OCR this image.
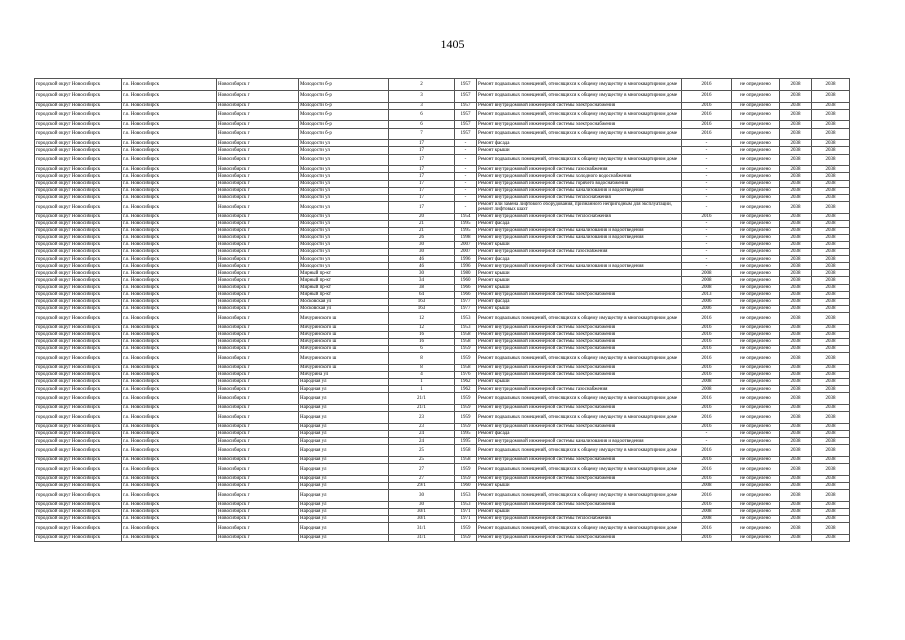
1405
городской округ Новосибирск	г.о. Новосибирск	Новосибирск г	Молодости б-р	2	1957	Ремонт подвальных помещений, относящихся к общему имуществу в многоквартирном доме	2016	не определено	2038	2038
городской округ Новосибирск	г.о. Новосибирск	Новосибирск г	Молодости б-р	3	1957	Ремонт подвальных помещений, относящихся к общему имуществу в многоквартирном доме	2016	не определено	2038	2038
городской округ Новосибирск	г.о. Новосибирск	Новосибирск г	Молодости б-р	3	1957	Ремонт внутридомовой инженерной системы электроснабжения	2016	не определено	2038	2038
городской округ Новосибирск	г.о. Новосибирск	Новосибирск г	Молодости б-р	6	1957	Ремонт подвальных помещений, относящихся к общему имуществу в многоквартирном доме	2016	не определено	2038	2038
городской округ Новосибирск	г.о. Новосибирск	Новосибирск г	Молодости б-р	6	1957	Ремонт внутридомовой инженерной системы электроснабжения	2016	не определено	2038	2038
городской округ Новосибирск	г.о. Новосибирск	Новосибирск г	Молодости б-р	7	1957	Ремонт подвальных помещений, относящихся к общему имуществу в многоквартирном доме	2016	не определено	2038	2038
городской округ Новосибирск	г.о. Новосибирск	Новосибирск г	Молодости ул	17	-	Ремонт фасада	-	не определено	2038	2038
городской округ Новосибирск	г.о. Новосибирск	Новосибирск г	Молодости ул	17	-	Ремонт крыши	-	не определено	2038	2038
городской округ Новосибирск	г.о. Новосибирск	Новосибирск г	Молодости ул	17	-	Ремонт подвальных помещений, относящихся к общему имуществу в многоквартирном доме	-	не определено	2038	2038
городской округ Новосибирск	г.о. Новосибирск	Новосибирск г	Молодости ул	17	-	Ремонт внутридомовой инженерной системы газоснабжения	-	не определено	2038	2038
городской округ Новосибирск	г.о. Новосибирск	Новосибирск г	Молодости ул	17	-	Ремонт внутридомовой инженерной системы холодного водоснабжения	-	не определено	2038	2038
городской округ Новосибирск	г.о. Новосибирск	Новосибирск г	Молодости ул	17	-	Ремонт внутридомовой инженерной системы горячего водоснабжения	-	не определено	2038	2038
городской округ Новосибирск	г.о. Новосибирск	Новосибирск г	Молодости ул	17	-	Ремонт внутридомовой инженерной системы канализования и водоотведения	-	не определено	2038	2038
городской округ Новосибирск	г.о. Новосибирск	Новосибирск г	Молодости ул	17	-	Ремонт внутридомовой инженерной системы теплоснабжения	-	не определено	2038	2038
городской округ Новосибирск	г.о. Новосибирск	Новосибирск г	Молодости ул	17	-	Ремонт или замена лифтового оборудования, признанного непригодным для эксплуатации, ремонт лифтовых шахт	-	не определено	2038	2038
городской округ Новосибирск	г.о. Новосибирск	Новосибирск г	Молодости ул	20	1954	Ремонт внутридомовой инженерной системы теплоснабжения	2016	не определено	2038	2038
городской округ Новосибирск	г.о. Новосибирск	Новосибирск г	Молодости ул	21	1995	Ремонт фасада	-	не определено	2038	2038
городской округ Новосибирск	г.о. Новосибирск	Новосибирск г	Молодости ул	21	1995	Ремонт внутридомовой инженерной системы канализования и водоотведения	-	не определено	2038	2038
городской округ Новосибирск	г.о. Новосибирск	Новосибирск г	Молодости ул	26	1998	Ремонт внутридомовой инженерной системы канализования и водоотведения	-	не определено	2038	2038
городской округ Новосибирск	г.о. Новосибирск	Новосибирск г	Молодости ул	30	2007	Ремонт крыши	-	не определено	2038	2038
городской округ Новосибирск	г.о. Новосибирск	Новосибирск г	Молодости ул	30	2007	Ремонт внутридомовой инженерной системы газоснабжения	-	не определено	2038	2038
городской округ Новосибирск	г.о. Новосибирск	Новосибирск г	Молодости ул	46	1996	Ремонт фасада	-	не определено	2038	2038
городской округ Новосибирск	г.о. Новосибирск	Новосибирск г	Молодости ул	46	1996	Ремонт внутридомовой инженерной системы канализования и водоотведения	-	не определено	2038	2038
городской округ Новосибирск	г.о. Новосибирск	Новосибирск г	Мирный пр-кт	30	1980	Ремонт крыши	2008	не определено	2038	2038
городской округ Новосибирск	г.о. Новосибирск	Новосибирск г	Мирный пр-кт	34	1960	Ремонт крыши	2008	не определено	2038	2038
городской округ Новосибирск	г.о. Новосибирск	Новосибирск г	Мирный пр-кт	38	1966	Ремонт крыши	2008	не определено	2038	2038
городской округ Новосибирск	г.о. Новосибирск	Новосибирск г	Мирный пр-кт	64	1966	Ремонт внутридомовой инженерной системы электроснабжения	2013	не определено	2038	2038
городской округ Новосибирск	г.о. Новосибирск	Новосибирск г	Московская ул	163	1977	Ремонт фасада	2006	не определено	2038	2038
городской округ Новосибирск	г.о. Новосибирск	Новосибирск г	Московская ул	163	1977	Ремонт крыши	2006	не определено	2038	2038
городской округ Новосибирск	г.о. Новосибирск	Новосибирск г	Мичуринского ш	12	1953	Ремонт подвальных помещений, относящихся к общему имуществу в многоквартирном доме	2016	не определено	2038	2038
городской округ Новосибирск	г.о. Новосибирск	Новосибирск г	Мичуринского ш	12	1953	Ремонт внутридомовой инженерной системы электроснабжения	2016	не определено	2038	2038
городской округ Новосибирск	г.о. Новосибирск	Новосибирск г	Мичуринского ш	16	1958	Ремонт внутридомовой инженерной системы электроснабжения	2016	не определено	2038	2038
городской округ Новосибирск	г.о. Новосибирск	Новосибирск г	Мичуринского ш	16	1958	Ремонт внутридомовой инженерной системы электроснабжения	2016	не определено	2038	2038
городской округ Новосибирск	г.о. Новосибирск	Новосибирск г	Мичуринского ш	6	1959	Ремонт внутридомовой инженерной системы электроснабжения	2016	не определено	2038	2038
городской округ Новосибирск	г.о. Новосибирск	Новосибирск г	Мичуринского ш	8	1959	Ремонт подвальных помещений, относящихся к общему имуществу в многоквартирном доме	2016	не определено	2038	2038
городской округ Новосибирск	г.о. Новосибирск	Новосибирск г	Мичуринского ш	8	1958	Ремонт внутридомовой инженерной системы электроснабжения	2016	не определено	2038	2038
городской округ Новосибирск	г.о. Новосибирск	Новосибирск г	Мичурина ул	4	1976	Ремонт внутридомовой инженерной системы электроснабжения	2016	не определено	2038	2038
городской округ Новосибирск	г.о. Новосибирск	Новосибирск г	Народная ул	1	1962	Ремонт крыши	2008	не определено	2038	2038
городской округ Новосибирск	г.о. Новосибирск	Новосибирск г	Народная ул	1	1962	Ремонт внутридомовой инженерной системы газоснабжения	2008	не определено	2038	2038
городской округ Новосибирск	г.о. Новосибирск	Новосибирск г	Народная ул	21/1	1959	Ремонт подвальных помещений, относящихся к общему имуществу в многоквартирном доме	2016	не определено	2038	2038
городской округ Новосибирск	г.о. Новосибирск	Новосибирск г	Народная ул	21/1	1959	Ремонт внутридомовой инженерной системы электроснабжения	2016	не определено	2038	2038
городской округ Новосибирск	г.о. Новосибирск	Новосибирск г	Народная ул	23	1959	Ремонт подвальных помещений, относящихся к общему имуществу в многоквартирном доме	2016	не определено	2038	2038
городской округ Новосибирск	г.о. Новосибирск	Новосибирск г	Народная ул	23	1959	Ремонт внутридомовой инженерной системы электроснабжения	2016	не определено	2038	2038
городской округ Новосибирск	г.о. Новосибирск	Новосибирск г	Народная ул	24	1995	Ремонт фасада	-	не определено	2038	2038
городской округ Новосибирск	г.о. Новосибирск	Новосибирск г	Народная ул	24	1995	Ремонт внутридомовой инженерной системы канализования и водоотведения	-	не определено	2038	2038
городской округ Новосибирск	г.о. Новосибирск	Новосибирск г	Народная ул	25	1958	Ремонт подвальных помещений, относящихся к общему имуществу в многоквартирном доме	2016	не определено	2038	2038
городской округ Новосибирск	г.о. Новосибирск	Новосибирск г	Народная ул	25	1958	Ремонт внутридомовой инженерной системы электроснабжения	2016	не определено	2038	2038
городской округ Новосибирск	г.о. Новосибирск	Новосибирск г	Народная ул	27	1959	Ремонт подвальных помещений, относящихся к общему имуществу в многоквартирном доме	2016	не определено	2038	2038
городской округ Новосибирск	г.о. Новосибирск	Новосибирск г	Народная ул	27	1959	Ремонт внутридомовой инженерной системы электроснабжения	2016	не определено	2038	2038
городской округ Новосибирск	г.о. Новосибирск	Новосибирск г	Народная ул	29/1	1960	Ремонт крыши	2008	не определено	2038	2038
городской округ Новосибирск	г.о. Новосибирск	Новосибирск г	Народная ул	30	1953	Ремонт подвальных помещений, относящихся к общему имуществу в многоквартирном доме	2016	не определено	2038	2038
городской округ Новосибирск	г.о. Новосибирск	Новосибирск г	Народная ул	30	1953	Ремонт внутридомовой инженерной системы электроснабжения	2016	не определено	2038	2038
городской округ Новосибирск	г.о. Новосибирск	Новосибирск г	Народная ул	30/1	1971	Ремонт крыши	2008	не определено	2038	2038
городской округ Новосибирск	г.о. Новосибирск	Новосибирск г	Народная ул	30/1	1971	Ремонт внутридомовой инженерной системы теплоснабжения	2008	не определено	2038	2038
городской округ Новосибирск	г.о. Новосибирск	Новосибирск г	Народная ул	31/1	1959	Ремонт подвальных помещений, относящихся к общему имуществу в многоквартирном доме	2016	не определено	2038	2038
городской округ Новосибирск	г.о. Новосибирск	Новосибирск г	Народная ул	31/1	1959	Ремонт внутридомовой инженерной системы электроснабжения	2016	не определено	2038	2038
